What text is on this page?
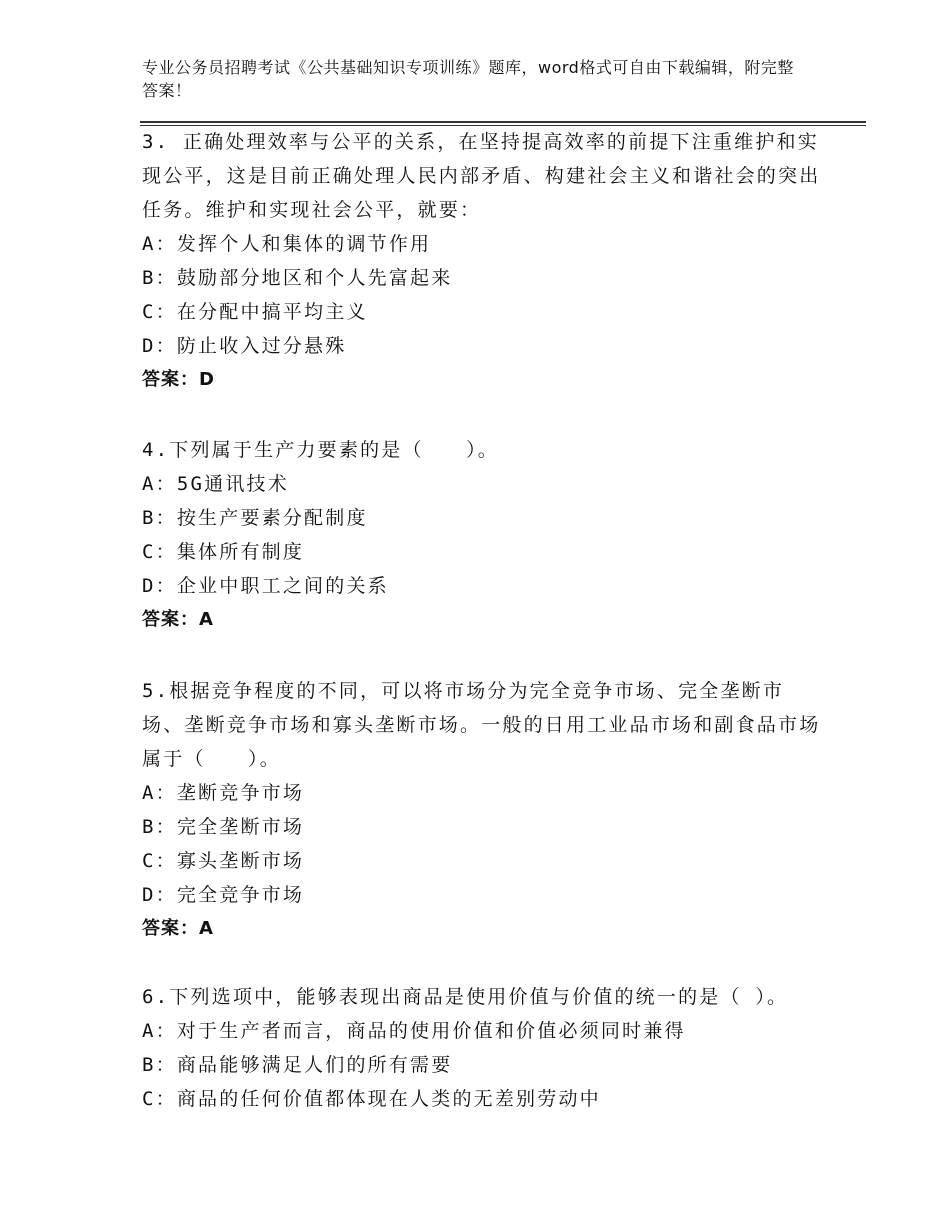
专业公务员招聘考试《公共基础知识专项训练》题库，word格式可自由下载编辑，附完整答案！

3. 正确处理效率与公平的关系，在坚持提高效率的前提下注重维护和实现公平，这是目前正确处理人民内部矛盾、构建社会主义和谐社会的突出任务。维护和实现社会公平，就要：

A：发挥个人和集体的调节作用

B：鼓励部分地区和个人先富起来

C：在分配中搞平均主义

D：防止收入过分悬殊

答案：D

4.下列属于生产力要素的是（　　）。

A：5G通讯技术

B：按生产要素分配制度

C：集体所有制度

D：企业中职工之间的关系

答案：A

5.根据竞争程度的不同，可以将市场分为完全竞争市场、完全垄断市场、垄断竞争市场和寡头垄断市场。一般的日用工业品市场和副食品市场属于（　　）。

A：垄断竞争市场

B：完全垄断市场

C：寡头垄断市场

D：完全竞争市场

答案：A

6.下列选项中，能够表现出商品是使用价值与价值的统一的是（ ）。

A：对于生产者而言，商品的使用价值和价值必须同时兼得

B：商品能够满足人们的所有需要

C：商品的任何价值都体现在人类的无差别劳动中
